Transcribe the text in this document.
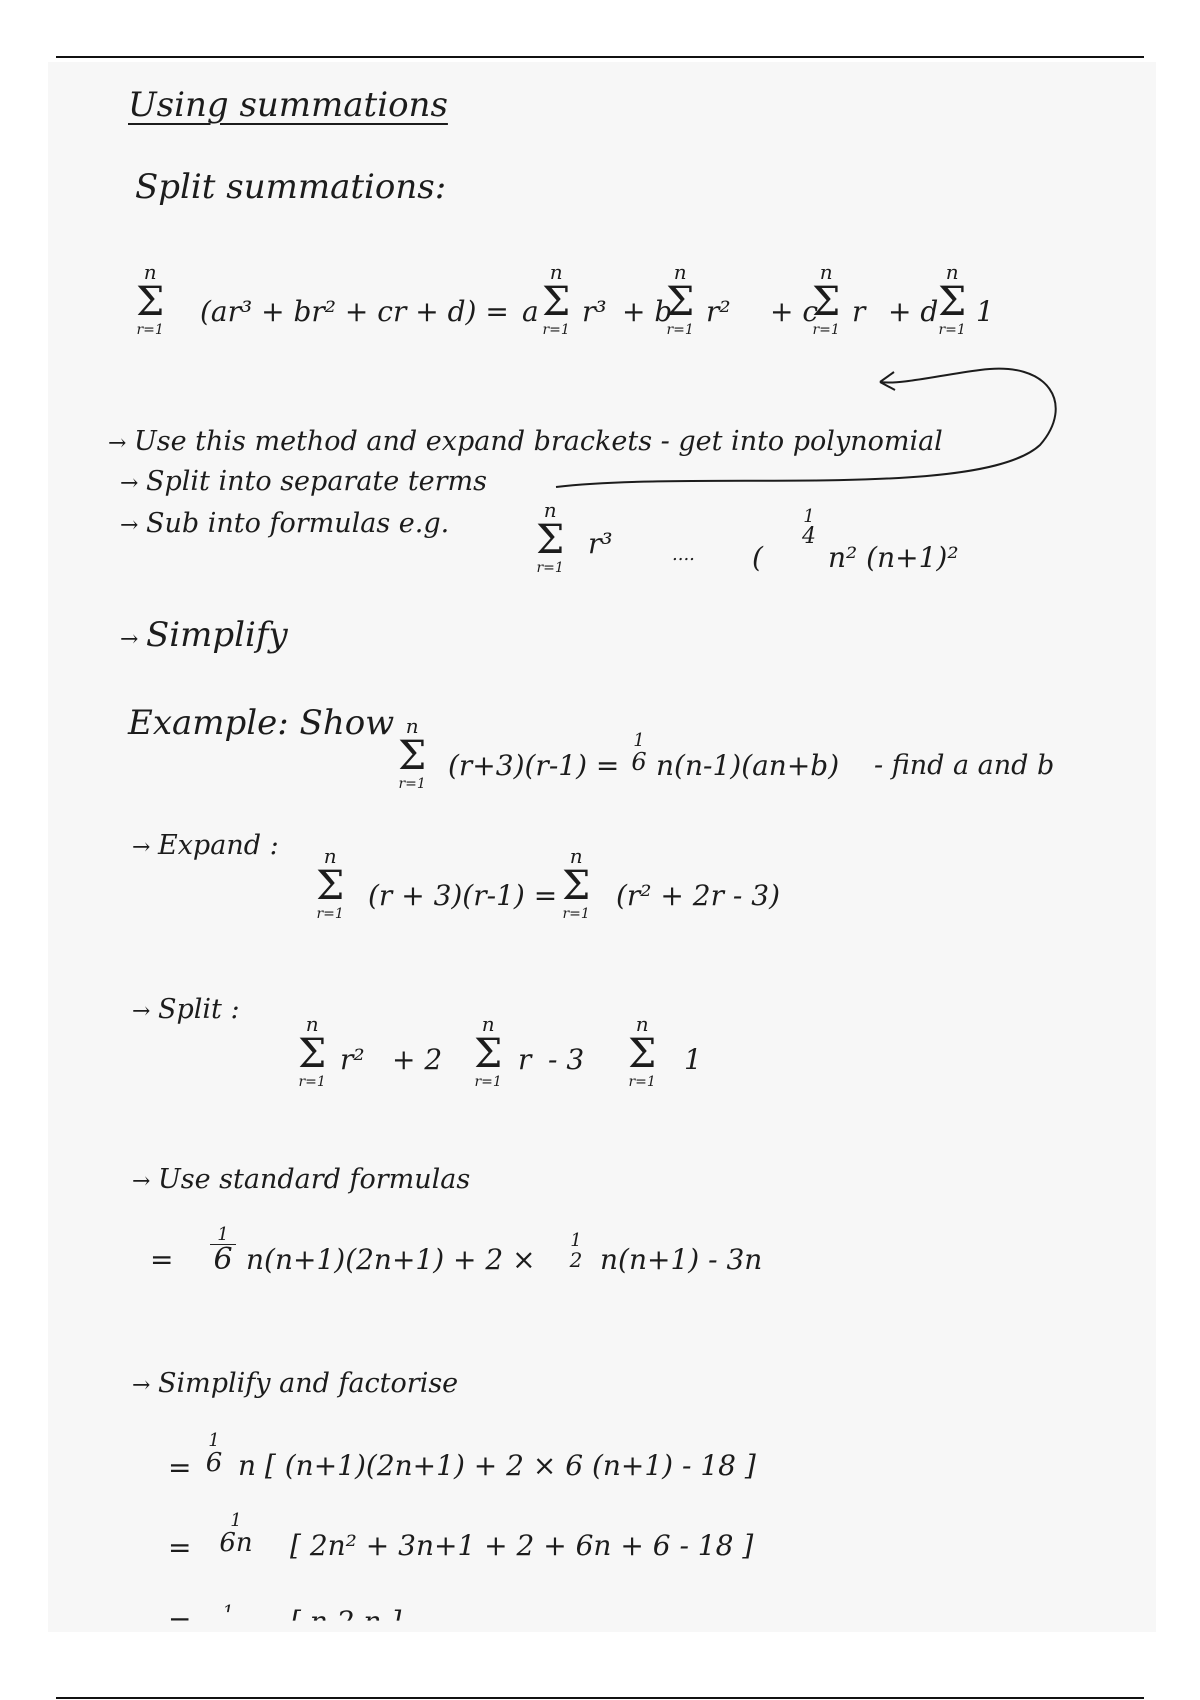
Using summations
Split summations:
n
Σ
r=1
(ar³ + br² + cr + d) = a
n
Σ
r=1
r³ + b
n
Σ
r=1
r² + c
n
Σ
r=1
r + d
n
Σ
r=1
1
→ Use this method and expand brackets - get into polynomial
→ Split into separate terms
→ Sub into formulas e.g.	n
Σ
r=1
r³	.... (
1
4
n² (n+1)²
→ Simplify
Example: Show n
Σ
r=1
(r+3)(r-1) =
1
6 n(n-1)(an+b) - find a and b
→ Expand :	n
Σ
r=1
(r + 3)(r-1) =
n
Σ
r=1
(r² + 2r - 3)
→ Split :	n
Σ
r=1
r² + 2
n
Σ
r=1
r - 3
n
Σ
r=1
1
→ Use standard formulas
=
1
6 n(n+1)(2n+1) + 2 ×
1
2 n(n+1) - 3n
→ Simplify and factorise
=
1
6 n [ (n+1)(2n+1) + 2 × 6 (n+1) - 18 ]
=
1
6n [ 2n² + 3n+1 + 2 + 6n + 6 - 18 ]
